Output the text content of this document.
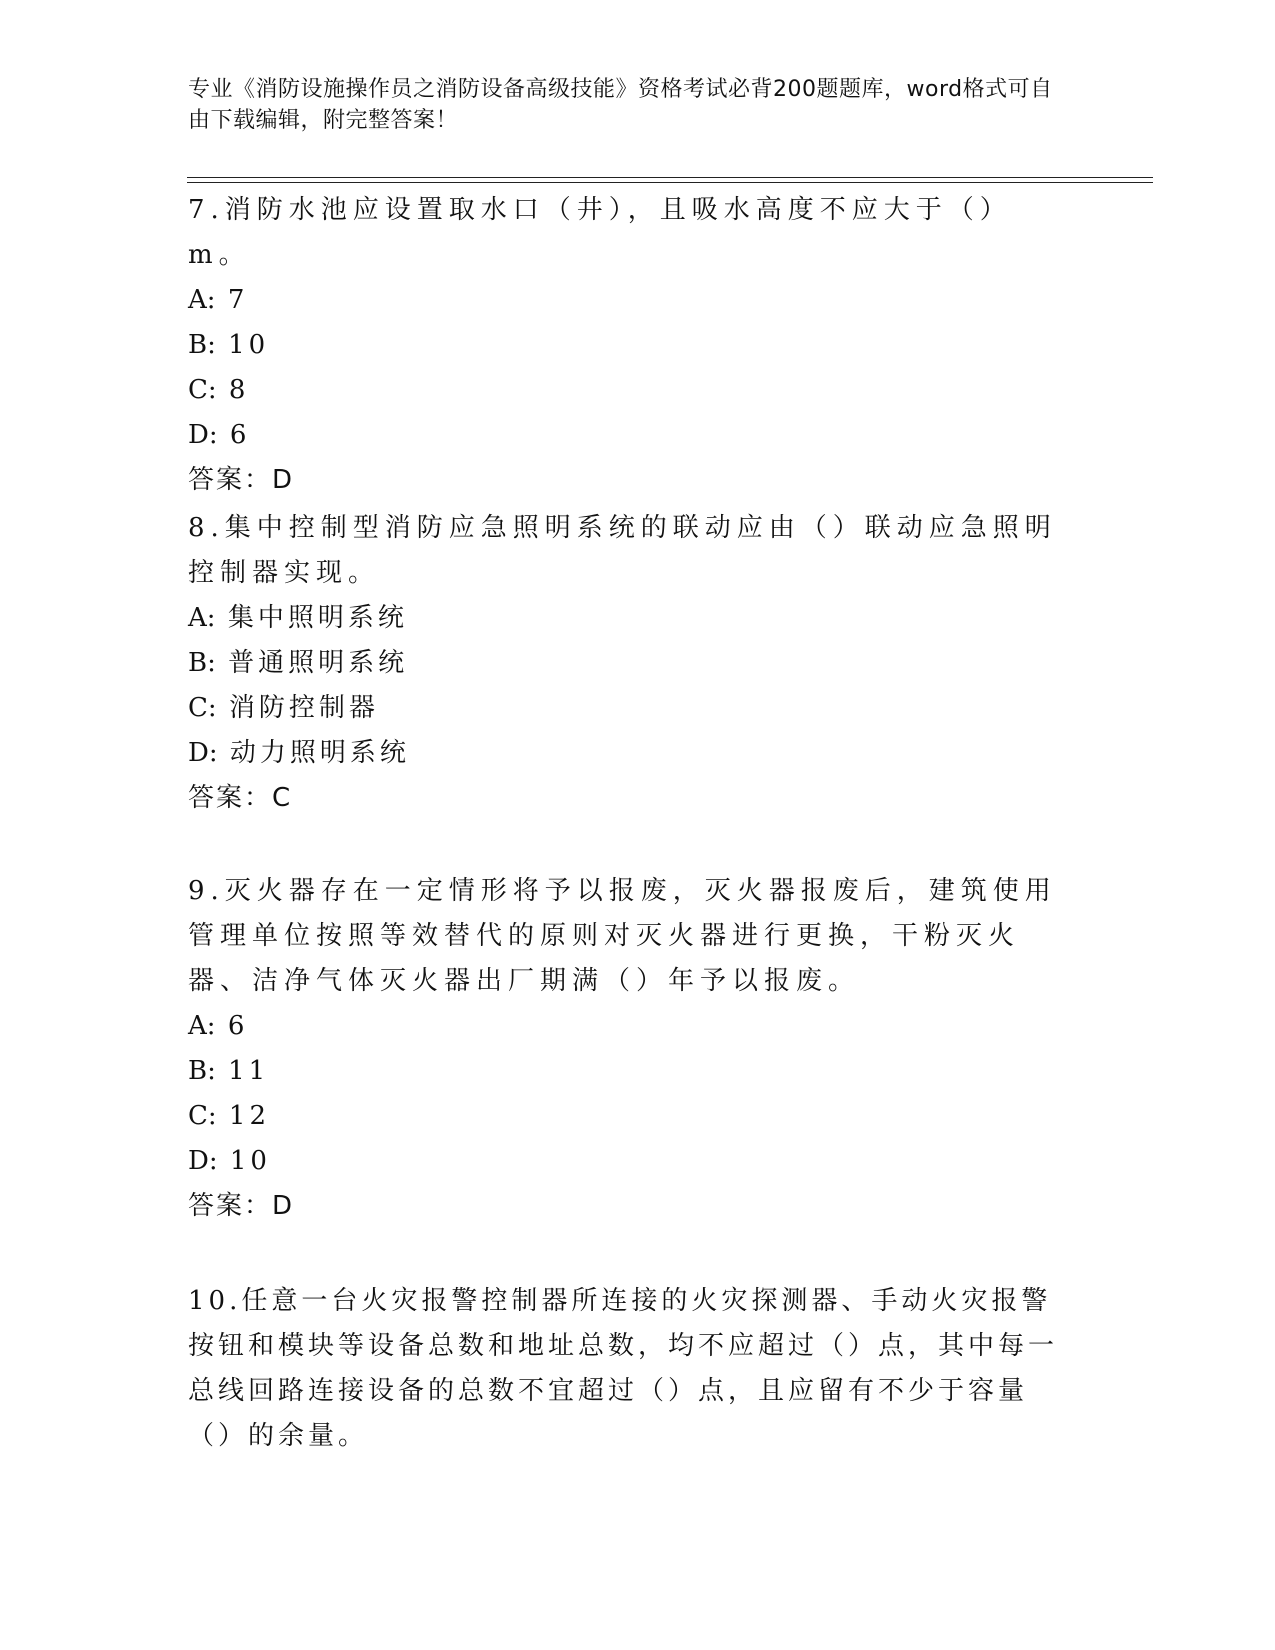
专业《消防设施操作员之消防设备高级技能》资格考试必背200题题库，word格式可自由下载编辑，附完整答案！

7.消防水池应设置取水口（井），且吸水高度不应大于（）m。

A: 7

B: 10

C: 8

D: 6

答案：D

8.集中控制型消防应急照明系统的联动应由（）联动应急照明控制器实现。

A: 集中照明系统

B: 普通照明系统

C: 消防控制器

D: 动力照明系统

答案：C

9.灭火器存在一定情形将予以报废，灭火器报废后，建筑使用管理单位按照等效替代的原则对灭火器进行更换，干粉灭火器、洁净气体灭火器出厂期满（）年予以报废。

A: 6

B: 11

C: 12

D: 10

答案：D

10.任意一台火灾报警控制器所连接的火灾探测器、手动火灾报警按钮和模块等设备总数和地址总数，均不应超过（）点，其中每一总线回路连接设备的总数不宜超过（）点，且应留有不少于容量（）的余量。
